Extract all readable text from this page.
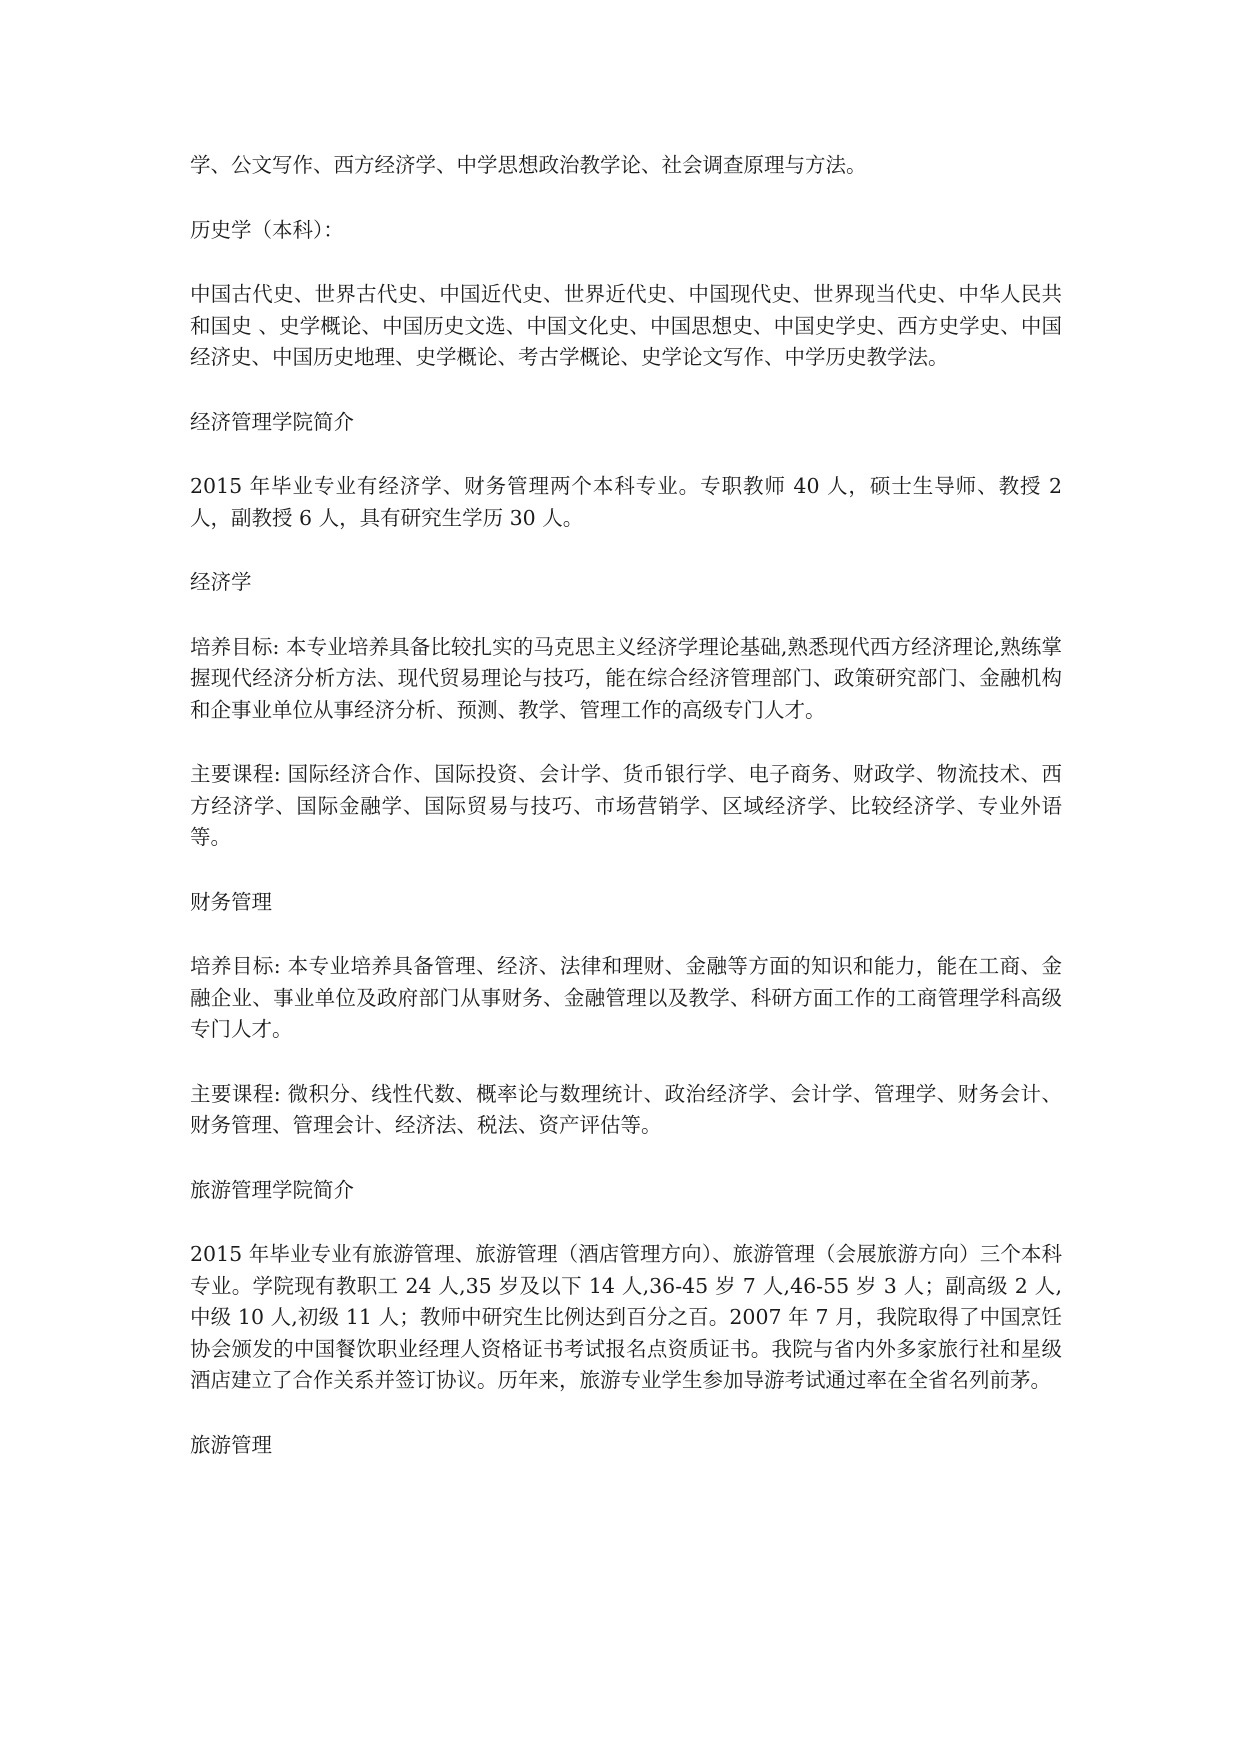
学、公文写作、西方经济学、中学思想政治教学论、社会调查原理与方法。

历史学（本科）：

中国古代史、世界古代史、中国近代史、世界近代史、中国现代史、世界现当代史、中华人民共和国史 、史学概论、中国历史文选、中国文化史、中国思想史、中国史学史、西方史学史、中国经济史、中国历史地理、史学概论、考古学概论、史学论文写作、中学历史教学法。

经济管理学院简介

2015 年毕业专业有经济学、财务管理两个本科专业。专职教师 40 人，硕士生导师、教授 2 人，副教授 6 人，具有研究生学历 30 人。

经济学

培养目标: 本专业培养具备比较扎实的马克思主义经济学理论基础,熟悉现代西方经济理论,熟练掌握现代经济分析方法、现代贸易理论与技巧，能在综合经济管理部门、政策研究部门、金融机构和企事业单位从事经济分析、预测、教学、管理工作的高级专门人才。

主要课程: 国际经济合作、国际投资、会计学、货币银行学、电子商务、财政学、物流技术、西方经济学、国际金融学、国际贸易与技巧、市场营销学、区域经济学、比较经济学、专业外语等。

财务管理

培养目标: 本专业培养具备管理、经济、法律和理财、金融等方面的知识和能力，能在工商、金融企业、事业单位及政府部门从事财务、金融管理以及教学、科研方面工作的工商管理学科高级专门人才。

主要课程: 微积分、线性代数、概率论与数理统计、政治经济学、会计学、管理学、财务会计、财务管理、管理会计、经济法、税法、资产评估等。

旅游管理学院简介

2015 年毕业专业有旅游管理、旅游管理（酒店管理方向）、旅游管理（会展旅游方向）三个本科专业。学院现有教职工 24 人,35 岁及以下 14 人,36-45 岁 7 人,46-55 岁 3 人；副高级 2 人,中级 10 人,初级 11 人；教师中研究生比例达到百分之百。2007 年 7 月，我院取得了中国烹饪协会颁发的中国餐饮职业经理人资格证书考试报名点资质证书。我院与省内外多家旅行社和星级酒店建立了合作关系并签订协议。历年来，旅游专业学生参加导游考试通过率在全省名列前茅。

旅游管理
